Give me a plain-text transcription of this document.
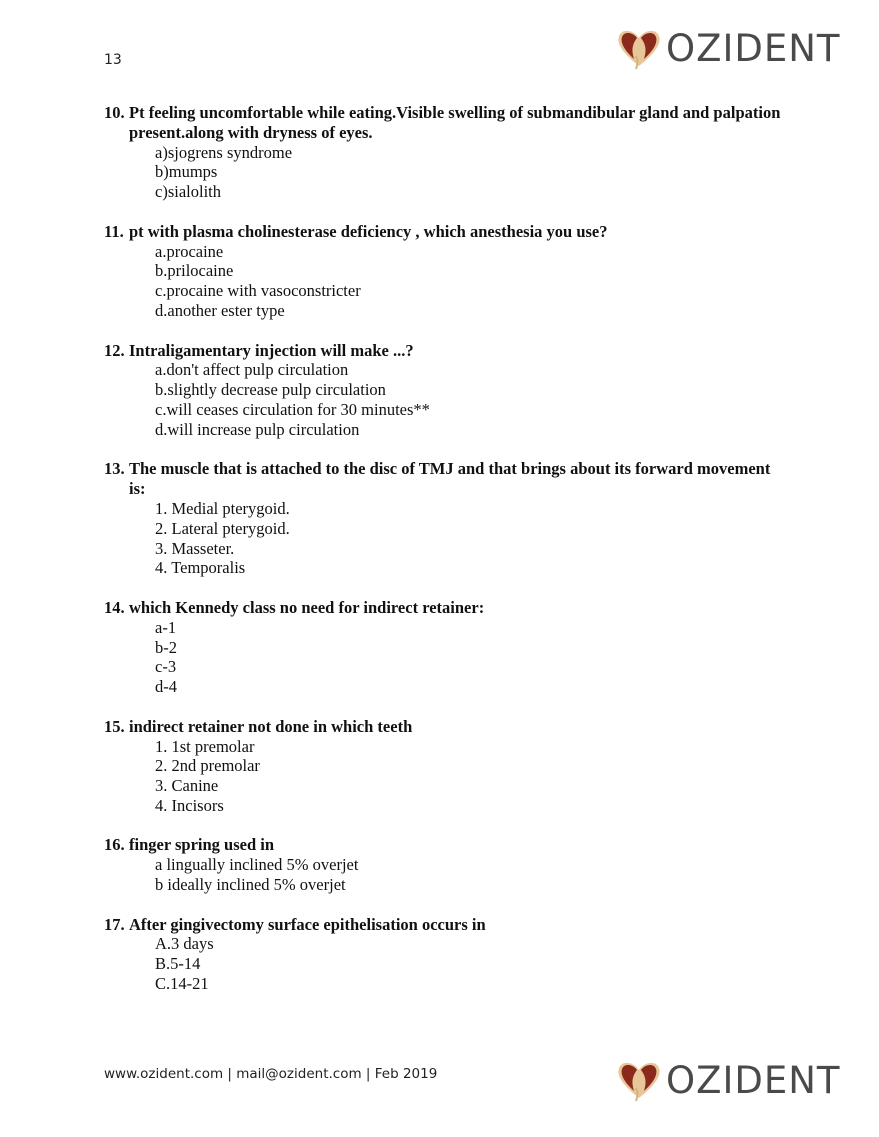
13	OZIDENT
10. Pt feeling uncomfortable while eating.Visible swelling of submandibular gland and palpation present.along with dryness of eyes.
a)sjogrens syndrome
b)mumps
c)sialolith
11. pt with plasma cholinesterase deficiency , which anesthesia you use?
a.procaine
b.prilocaine
c.procaine with vasoconstricter
d.another ester type
12. Intraligamentary injection will make ...?
a.don't affect pulp circulation
b.slightly decrease pulp circulation
c.will ceases circulation for 30 minutes**
d.will increase pulp circulation
13. The muscle that is attached to the disc of TMJ and that brings about its forward movement is:
1. Medial pterygoid.
2. Lateral pterygoid.
3. Masseter.
4. Temporalis
14. which Kennedy class no need for indirect retainer:
a-1
b-2
c-3
d-4
15. indirect retainer not done in which teeth
1. 1st premolar
2. 2nd premolar
3. Canine
4. Incisors
16. finger spring used in
a lingually inclined 5% overjet
b ideally inclined 5% overjet
17. After gingivectomy surface epithelisation occurs in
A.3 days
B.5-14
C.14-21
www.ozident.com | mail@ozident.com | Feb 2019	OZIDENT
